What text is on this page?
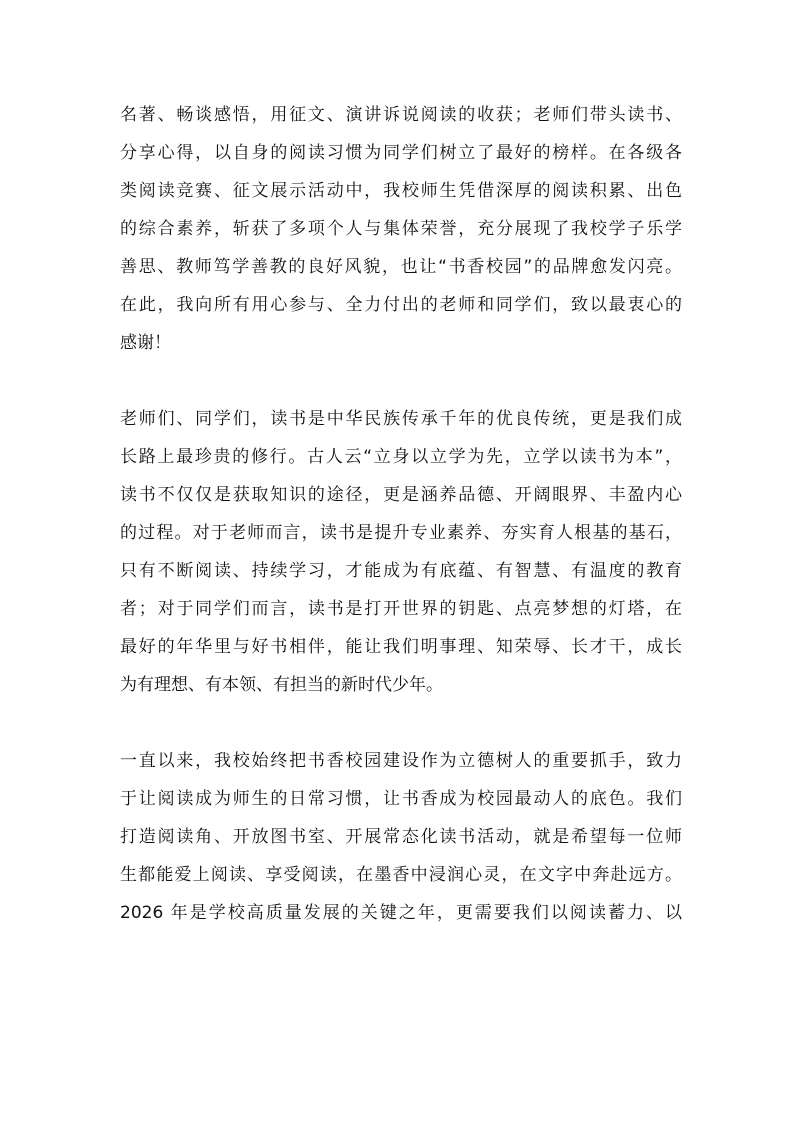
名著、畅谈感悟，用征文、演讲诉说阅读的收获；老师们带头读书、
分享心得，以自身的阅读习惯为同学们树立了最好的榜样。在各级各
类阅读竞赛、征文展示活动中，我校师生凭借深厚的阅读积累、出色
的综合素养，斩获了多项个人与集体荣誉，充分展现了我校学子乐学
善思、教师笃学善教的良好风貌，也让“书香校园”的品牌愈发闪亮。
在此，我向所有用心参与、全力付出的老师和同学们，致以最衷心的
感谢！
老师们、同学们，读书是中华民族传承千年的优良传统，更是我们成
长路上最珍贵的修行。古人云“立身以立学为先，立学以读书为本”，
读书不仅仅是获取知识的途径，更是涵养品德、开阔眼界、丰盈内心
的过程。对于老师而言，读书是提升专业素养、夯实育人根基的基石，
只有不断阅读、持续学习，才能成为有底蕴、有智慧、有温度的教育
者；对于同学们而言，读书是打开世界的钥匙、点亮梦想的灯塔，在
最好的年华里与好书相伴，能让我们明事理、知荣辱、长才干，成长
为有理想、有本领、有担当的新时代少年。
一直以来，我校始终把书香校园建设作为立德树人的重要抓手，致力
于让阅读成为师生的日常习惯，让书香成为校园最动人的底色。我们
打造阅读角、开放图书室、开展常态化读书活动，就是希望每一位师
生都能爱上阅读、享受阅读，在墨香中浸润心灵，在文字中奔赴远方。
2026 年是学校高质量发展的关键之年，更需要我们以阅读蓄力、以
